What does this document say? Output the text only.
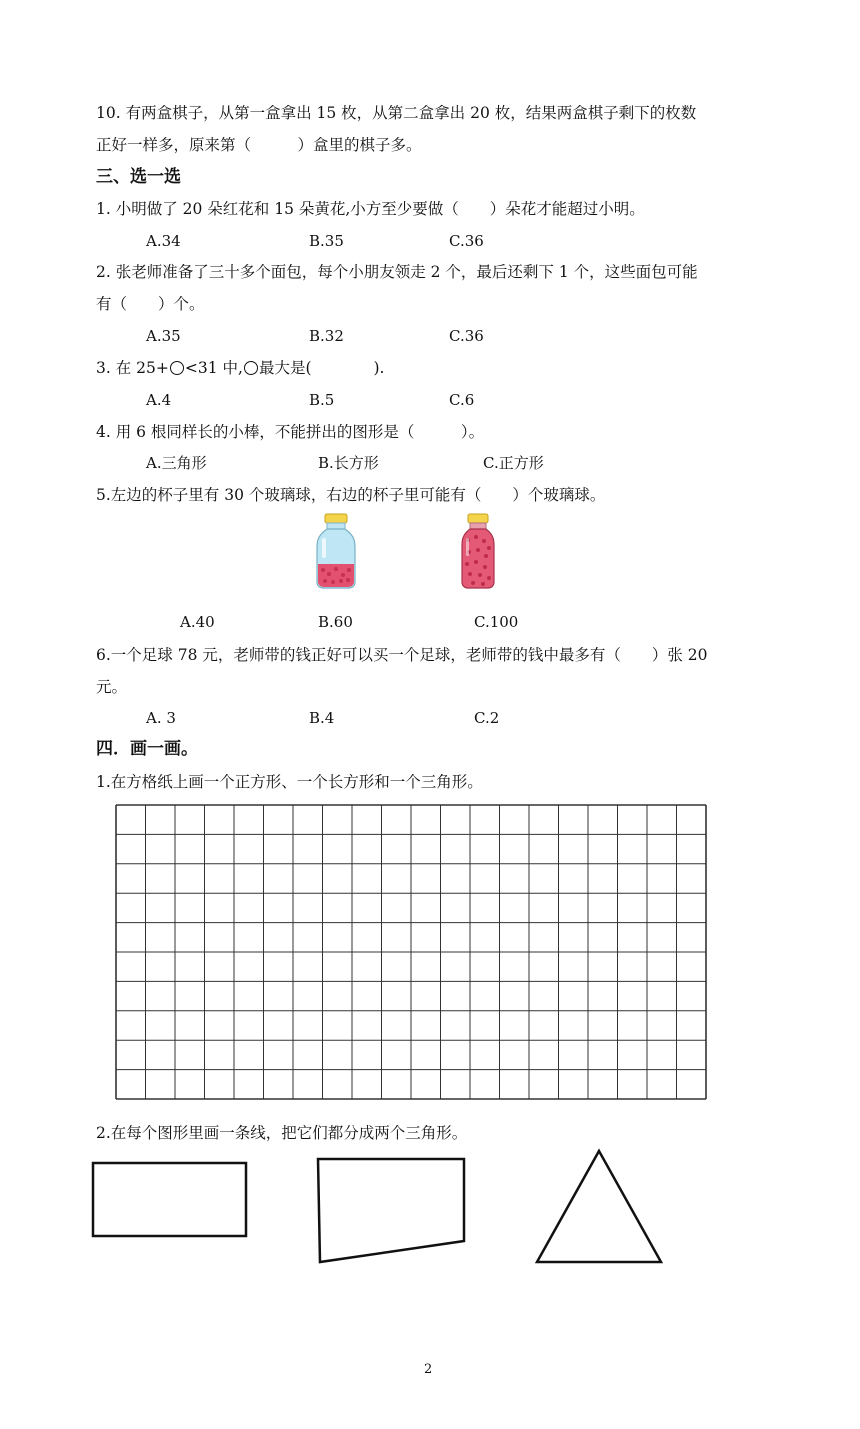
10. 有两盒棋子，从第一盒拿出 15 枚，从第二盒拿出 20 枚，结果两盒棋子剩下的枚数
正好一样多，原来第（　　　）盒里的棋子多。
三、选一选
1. 小明做了 20 朵红花和 15 朵黄花,小方至少要做（　　）朵花才能超过小明。
A.34	B.35	C.36
2. 张老师准备了三十多个面包，每个小朋友领走 2 个，最后还剩下 1 个，这些面包可能
有（　　）个。
A.35	B.32	C.36
3. 在 25+ <31 中, 最大是(　　　　).
A.4	B.5	C.6
4. 用 6 根同样长的小棒，不能拼出的图形是（　　　）。
A.三角形	B.长方形	C.正方形
5.左边的杯子里有 30 个玻璃球，右边的杯子里可能有（　　）个玻璃球。
A.40	B.60	C.100
6.一个足球 78 元，老师带的钱正好可以买一个足球，老师带的钱中最多有（　　）张 20
元。
A. 3	B.4	C.2
四．画一画。
1.在方格纸上画一个正方形、一个长方形和一个三角形。
2.在每个图形里画一条线，把它们都分成两个三角形。
2
